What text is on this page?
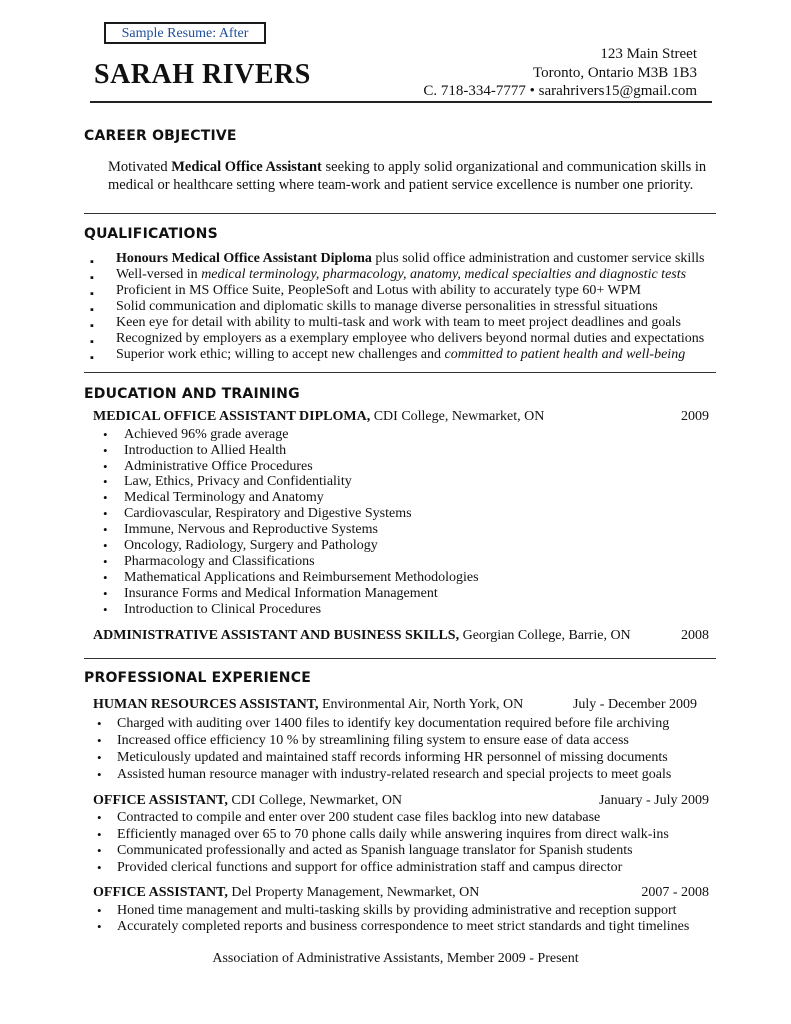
Sample Resume: After
SARAH RIVERS
123 Main Street
Toronto, Ontario M3B 1B3
C. 718-334-7777 • sarahrivers15@gmail.com
CAREER OBJECTIVE
Motivated Medical Office Assistant seeking to apply solid organizational and communication skills in
medical or healthcare setting where team-work and patient service excellence is number one priority.
QUALIFICATIONS
▪ Honours Medical Office Assistant Diploma plus solid office administration and customer service skills
▪ Well-versed in medical terminology, pharmacology, anatomy, medical specialties and diagnostic tests
▪ Proficient in MS Office Suite, PeopleSoft and Lotus with ability to accurately type 60+ WPM
▪ Solid communication and diplomatic skills to manage diverse personalities in stressful situations
▪ Keen eye for detail with ability to multi-task and work with team to meet project deadlines and goals
▪ Recognized by employers as a exemplary employee who delivers beyond normal duties and expectations
▪ Superior work ethic; willing to accept new challenges and committed to patient health and well-being
EDUCATION AND TRAINING
MEDICAL OFFICE ASSISTANT DIPLOMA, CDI College, Newmarket, ON	2009
• Achieved 96% grade average
• Introduction to Allied Health
• Administrative Office Procedures
• Law, Ethics, Privacy and Confidentiality
• Medical Terminology and Anatomy
• Cardiovascular, Respiratory and Digestive Systems
• Immune, Nervous and Reproductive Systems
• Oncology, Radiology, Surgery and Pathology
• Pharmacology and Classifications
• Mathematical Applications and Reimbursement Methodologies
• Insurance Forms and Medical Information Management
• Introduction to Clinical Procedures
ADMINISTRATIVE ASSISTANT AND BUSINESS SKILLS, Georgian College, Barrie, ON	2008
PROFESSIONAL EXPERIENCE
HUMAN RESOURCES ASSISTANT, Environmental Air, North York, ON	July - December 2009
• Charged with auditing over 1400 files to identify key documentation required before file archiving
• Increased office efficiency 10 % by streamlining filing system to ensure ease of data access
• Meticulously updated and maintained staff records informing HR personnel of missing documents
• Assisted human resource manager with industry-related research and special projects to meet goals
OFFICE ASSISTANT, CDI College, Newmarket, ON	January - July 2009
• Contracted to compile and enter over 200 student case files backlog into new database
• Efficiently managed over 65 to 70 phone calls daily while answering inquires from direct walk-ins
• Communicated professionally and acted as Spanish language translator for Spanish students
• Provided clerical functions and support for office administration staff and campus director
OFFICE ASSISTANT, Del Property Management, Newmarket, ON	2007 - 2008
• Honed time management and multi-tasking skills by providing administrative and reception support
• Accurately completed reports and business correspondence to meet strict standards and tight timelines
Association of Administrative Assistants, Member 2009 - Present
